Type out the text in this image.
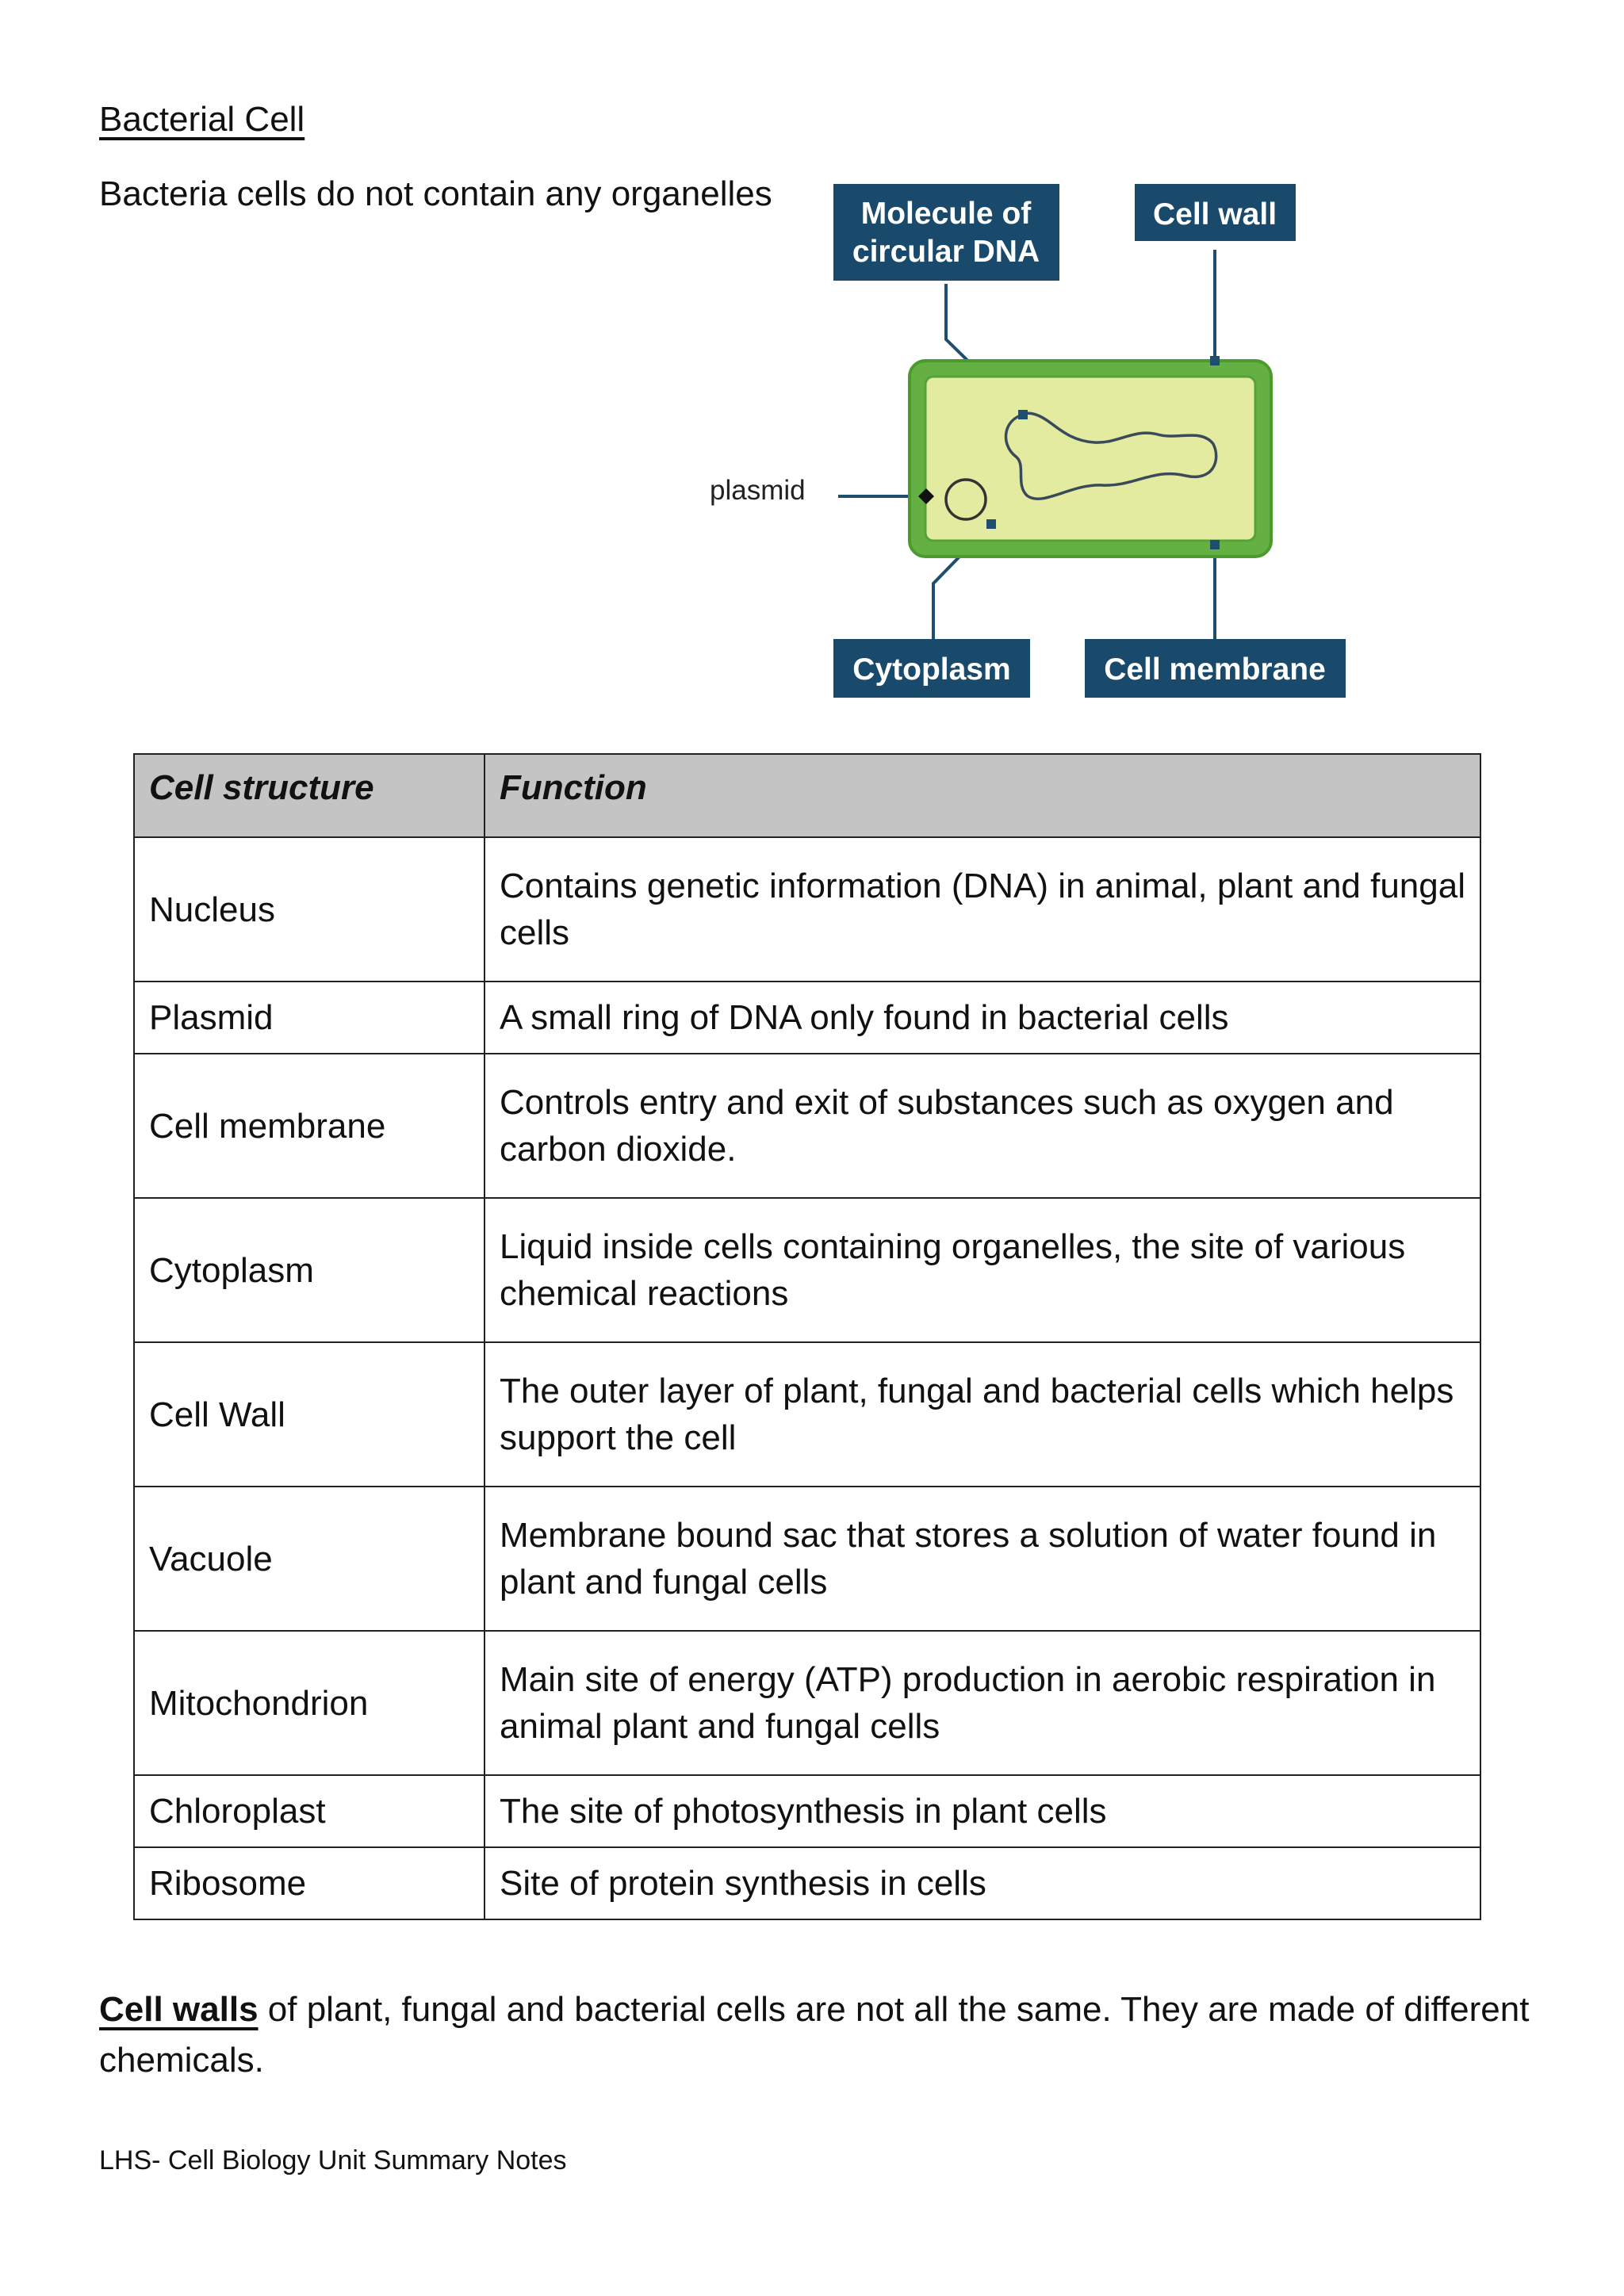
Bacterial Cell
Bacteria cells do not contain any organelles
Molecule of
circular DNA
Cell wall
Cytoplasm	Cell membrane
plasmid
Cell structure	Function
Nucleus	Contains genetic information (DNA) in animal, plant and fungal cells
Plasmid	A small ring of DNA only found in bacterial cells
Cell membrane	Controls entry and exit of substances such as oxygen and carbon dioxide.
Cytoplasm	Liquid inside cells containing organelles, the site of various chemical reactions
Cell Wall	The outer layer of plant, fungal and bacterial cells which helps support the cell
Vacuole	Membrane bound sac that stores a solution of water found in plant and fungal cells
Mitochondrion	Main site of energy (ATP) production in aerobic respiration in animal plant and fungal cells
Chloroplast	The site of photosynthesis in plant cells
Ribosome	Site of protein synthesis in cells
Cell walls of plant, fungal and bacterial cells are not all the same. They are made of different chemicals.
LHS- Cell Biology Unit Summary Notes
